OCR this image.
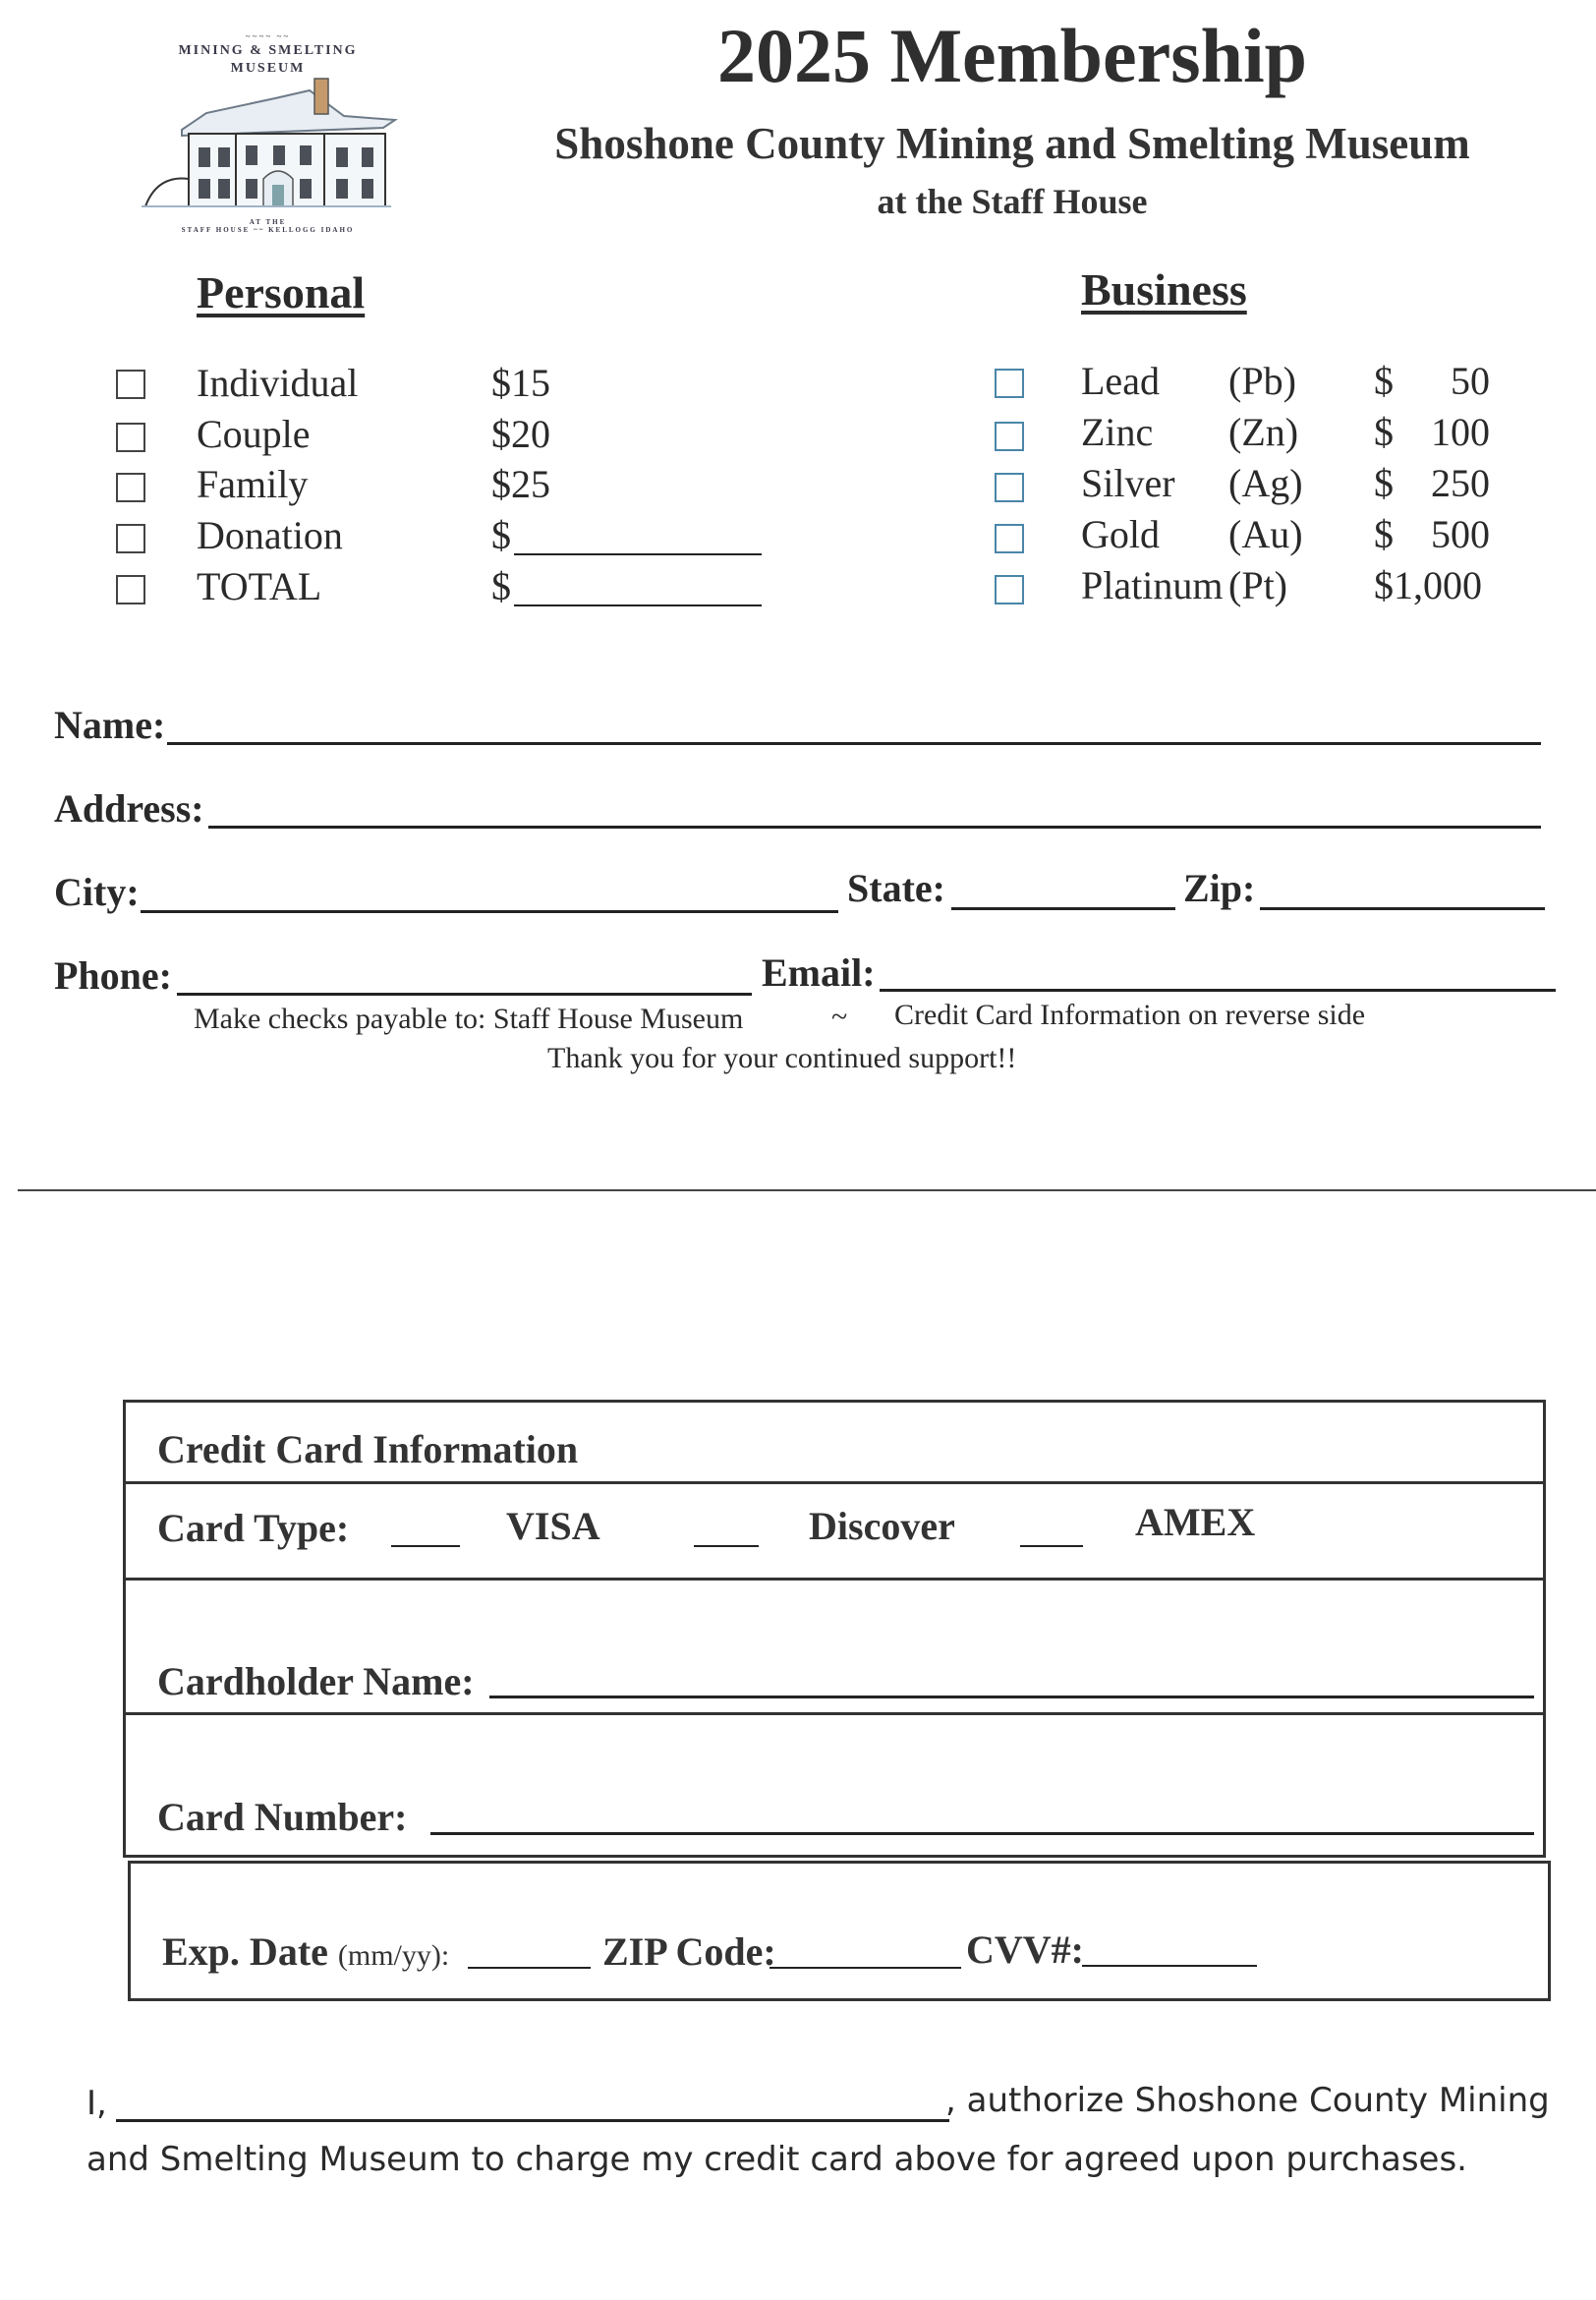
~~~~ ~~
MINING & SMELTING
MUSEUM
AT THE
STAFF HOUSE ~~ KELLOGG IDAHO
2025 Membership
Shoshone County Mining and Smelting Museum
at the Staff House
Personal
Individual	$15
Couple	$20
Family	$25
Donation	$
TOTAL	$
Business
Lead (Pb) $ 50
Zinc (Zn) $ 100
Silver (Ag) $ 250
Gold (Au) $ 500
Platinum (Pt) $1,000
Name:
Address:
City:	State:	Zip:
Phone:	Email:
Make checks payable to: Staff House Museum	~ Credit Card Information on reverse side
Thank you for your continued support!!
Credit Card Information
Card Type:	VISA	Discover	AMEX
Cardholder Name:
Card Number:
Exp. Date (mm/yy):	ZIP Code:	CVV#:
I,	, authorize Shoshone County Mining
and Smelting Museum to charge my credit card above for agreed upon purchases.
